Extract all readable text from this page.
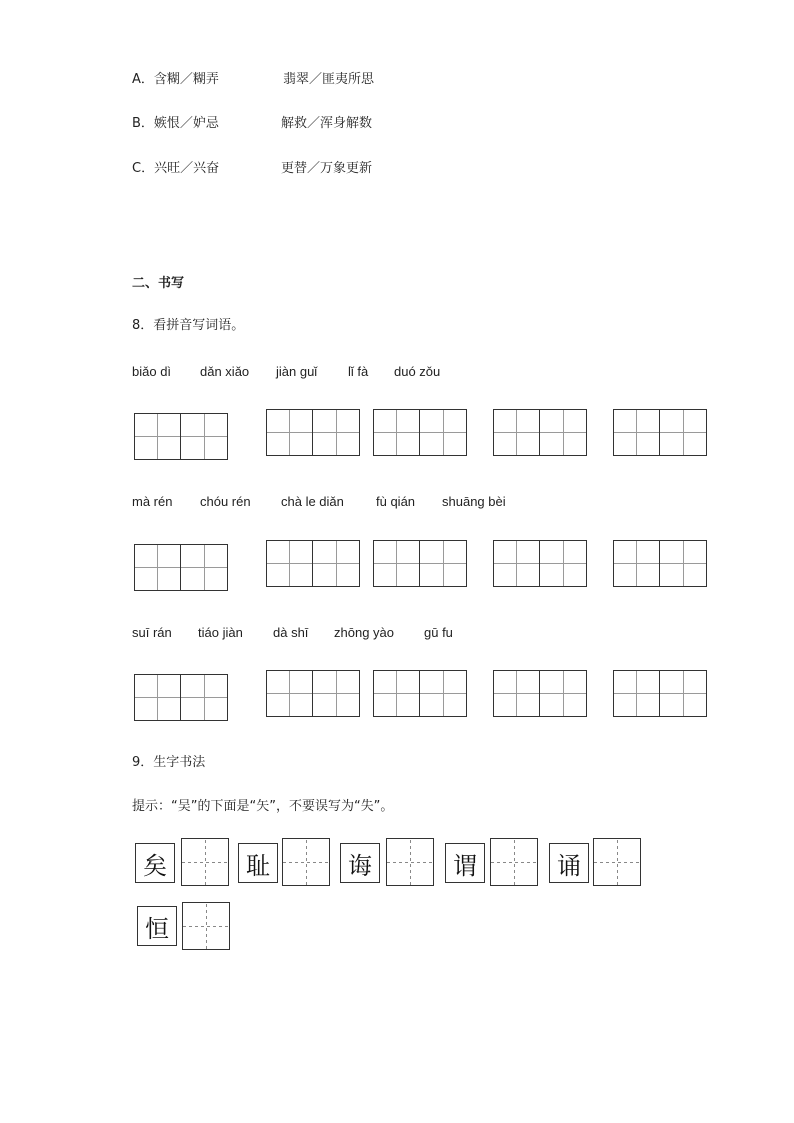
A．含糊／糊弄	翡翠／匪夷所思
B．嫉恨／妒忌	解救／浑身解数
C．兴旺／兴奋	更替／万象更新
二、书写
8．看拼音写词语。
biǎo dì dǎn xiǎo jiàn guǐ lǐ fà duó zǒu
mà rén chóu rén chà le diǎn fù qián shuāng bèi
suī rán tiáo jiàn dà shī zhōng yào gū fu
9．生字书法
提示：“吴”的下面是“矢”，不要误写为“失”。
矣	耻	诲	谓	诵
恒
